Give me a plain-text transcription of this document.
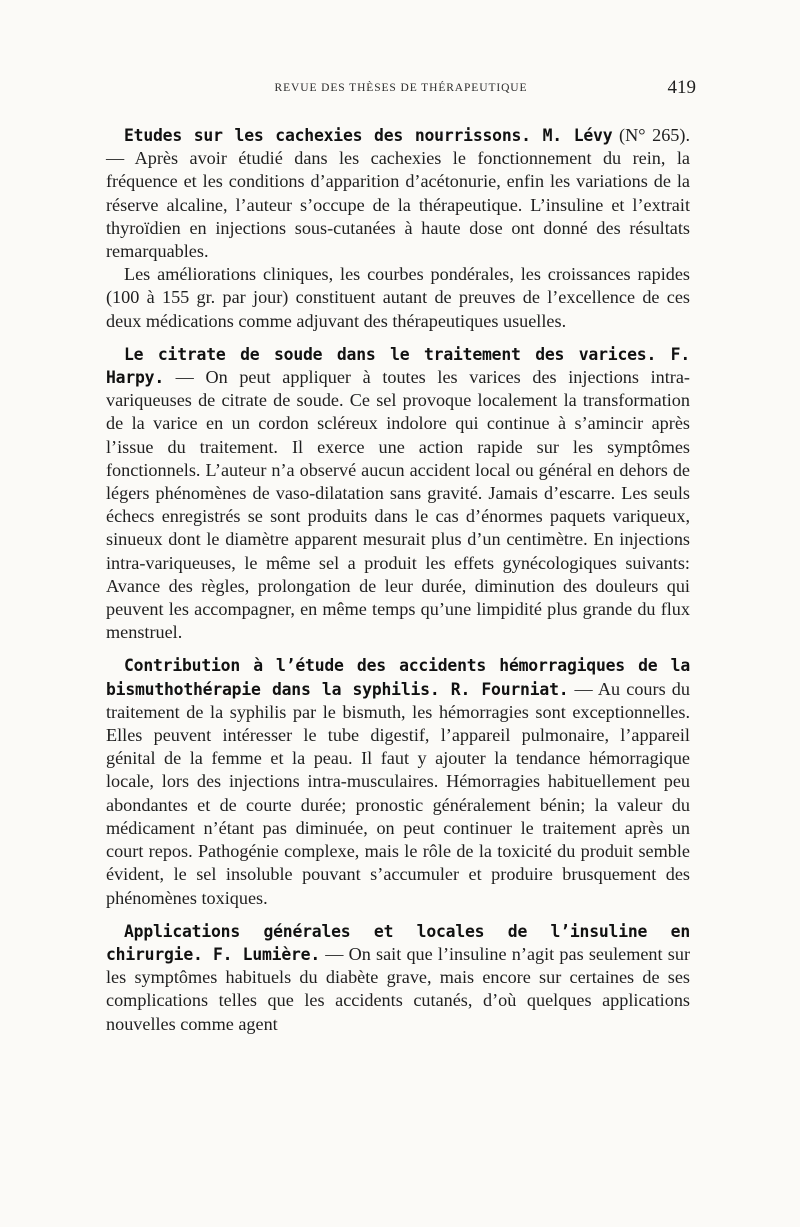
REVUE DES THÈSES DE THÉRAPEUTIQUE	419

Etudes sur les cachexies des nourrissons. M. Lévy (N° 265). — Après avoir étudié dans les cachexies le fonctionnement du rein, la fréquence et les conditions d’apparition d’acétonurie, enfin les variations de la réserve alcaline, l’auteur s’occupe de la thérapeutique. L’insuline et l’extrait thyroïdien en injections sous-cutanées à haute dose ont donné des résultats remarquables.

Les améliorations cliniques, les courbes pondérales, les croissances rapides (100 à 155 gr. par jour) constituent autant de preuves de l’excellence de ces deux médications comme adjuvant des thérapeutiques usuelles.

Le citrate de soude dans le traitement des varices. F. Harpy. — On peut appliquer à toutes les varices des injections intra-variqueuses de citrate de soude. Ce sel provoque localement la transformation de la varice en un cordon scléreux indolore qui continue à s’amincir après l’issue du traitement. Il exerce une action rapide sur les symptômes fonctionnels. L’auteur n’a observé aucun accident local ou général en dehors de légers phénomènes de vaso-dilatation sans gravité. Jamais d’escarre. Les seuls échecs enregistrés se sont produits dans le cas d’énormes paquets variqueux, sinueux dont le diamètre apparent mesurait plus d’un centimètre. En injections intra-variqueuses, le même sel a produit les effets gynécologiques suivants: Avance des règles, prolongation de leur durée, diminution des douleurs qui peuvent les accompagner, en même temps qu’une limpidité plus grande du flux menstruel.

Contribution à l’étude des accidents hémorragiques de la bismuthothérapie dans la syphilis. R. Fourniat. — Au cours du traitement de la syphilis par le bismuth, les hémorragies sont exceptionnelles. Elles peuvent intéresser le tube digestif, l’appareil pulmonaire, l’appareil génital de la femme et la peau. Il faut y ajouter la tendance hémorragique locale, lors des injections intra-musculaires. Hémorragies habituellement peu abondantes et de courte durée; pronostic généralement bénin; la valeur du médicament n’étant pas diminuée, on peut continuer le traitement après un court repos. Pathogénie complexe, mais le rôle de la toxicité du produit semble évident, le sel insoluble pouvant s’accumuler et produire brusquement des phénomènes toxiques.

Applications générales et locales de l’insuline en chirurgie. F. Lumière. — On sait que l’insuline n’agit pas seulement sur les symptômes habituels du diabète grave, mais encore sur certaines de ses complications telles que les accidents cutanés, d’où quelques applications nouvelles comme agent
